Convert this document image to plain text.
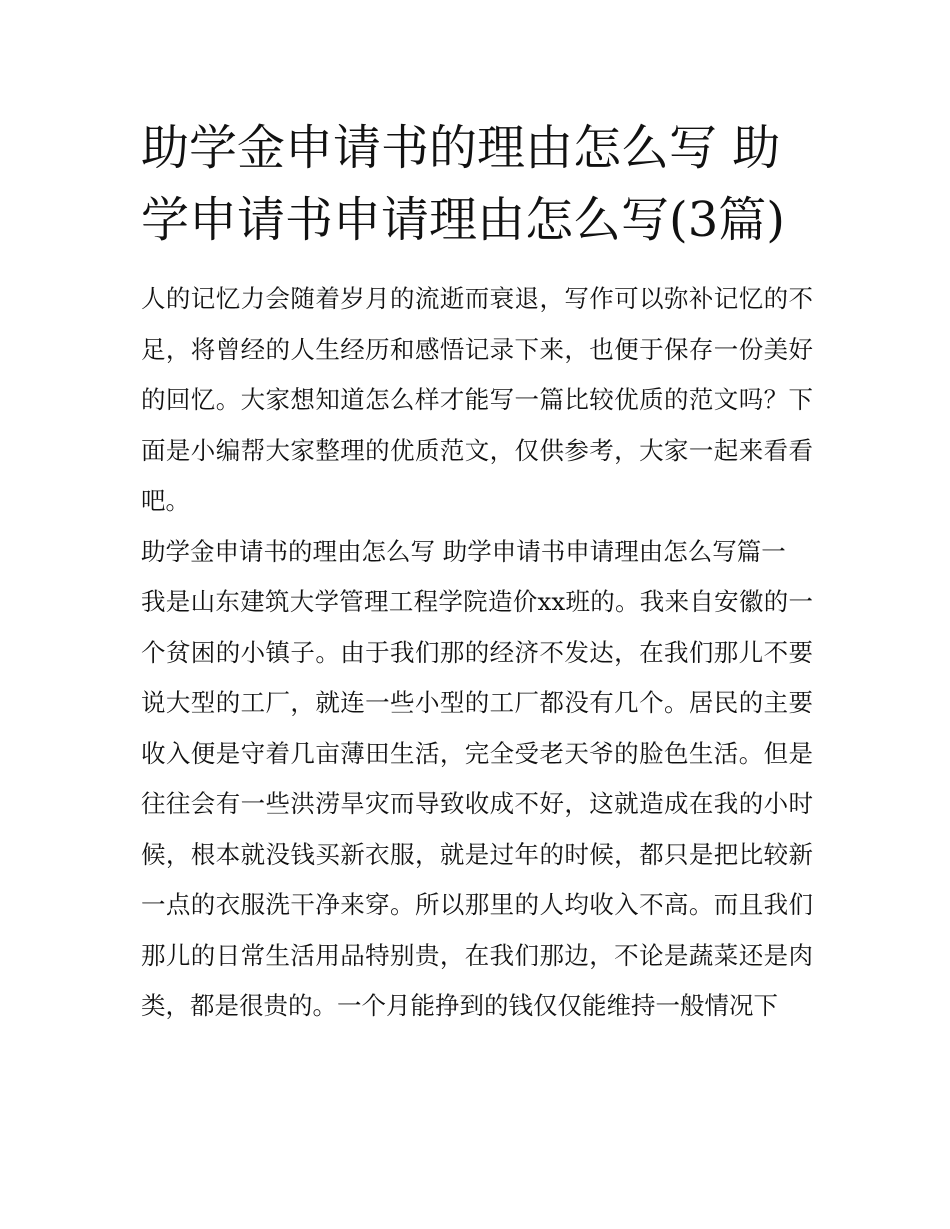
助学金申请书的理由怎么写 助学申请书申请理由怎么写(3篇)

人的记忆力会随着岁月的流逝而衰退，写作可以弥补记忆的不足，将曾经的人生经历和感悟记录下来，也便于保存一份美好的回忆。大家想知道怎么样才能写一篇比较优质的范文吗？下面是小编帮大家整理的优质范文，仅供参考，大家一起来看看吧。

助学金申请书的理由怎么写 助学申请书申请理由怎么写篇一

我是山东建筑大学管理工程学院造价xx班的。我来自安徽的一个贫困的小镇子。由于我们那的经济不发达，在我们那儿不要说大型的工厂，就连一些小型的工厂都没有几个。居民的主要收入便是守着几亩薄田生活，完全受老天爷的脸色生活。但是往往会有一些洪涝旱灾而导致收成不好，这就造成在我的小时候，根本就没钱买新衣服，就是过年的时候，都只是把比较新一点的衣服洗干净来穿。所以那里的人均收入不高。而且我们那儿的日常生活用品特别贵，在我们那边，不论是蔬菜还是肉类，都是很贵的。一个月能挣到的钱仅仅能维持一般情况下
